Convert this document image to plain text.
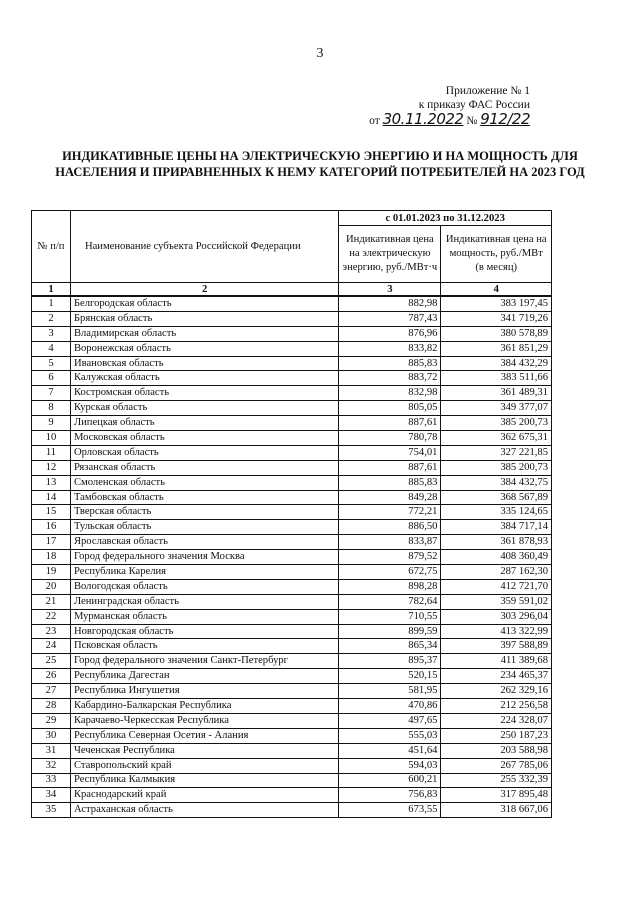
3
Приложение № 1
к приказу ФАС России
от 30.11.2022 № 912/22
ИНДИКАТИВНЫЕ ЦЕНЫ НА ЭЛЕКТРИЧЕСКУЮ ЭНЕРГИЮ И НА МОЩНОСТЬ ДЛЯ
НАСЕЛЕНИЯ И ПРИРАВНЕННЫХ К НЕМУ КАТЕГОРИЙ ПОТРЕБИТЕЛЕЙ НА 2023 ГОД
№ п/п	Наименование субъекта Российской Федерации	с 01.01.2023 по 31.12.2023	
		Индикативная цена на электрическую энергию, руб./МВт·ч	Индикативная цена на мощность, руб./МВт (в месяц)
1	2	3	4
1	Белгородская область	882,98	383 197,45
2	Брянская область	787,43	341 719,26
3	Владимирская область	876,96	380 578,89
4	Воронежская область	833,82	361 851,29
5	Ивановская область	885,83	384 432,29
6	Калужская область	883,72	383 511,66
7	Костромская область	832,98	361 489,31
8	Курская область	805,05	349 377,07
9	Липецкая область	887,61	385 200,73
10	Московская область	780,78	362 675,31
11	Орловская область	754,01	327 221,85
12	Рязанская область	887,61	385 200,73
13	Смоленская область	885,83	384 432,75
14	Тамбовская область	849,28	368 567,89
15	Тверская область	772,21	335 124,65
16	Тульская область	886,50	384 717,14
17	Ярославская область	833,87	361 878,93
18	Город федерального значения Москва	879,52	408 360,49
19	Республика Карелия	672,75	287 162,30
20	Вологодская область	898,28	412 721,70
21	Ленинградская область	782,64	359 591,02
22	Мурманская область	710,55	303 296,04
23	Новгородская область	899,59	413 322,99
24	Псковская область	865,34	397 588,89
25	Город федерального значения Санкт-Петербург	895,37	411 389,68
26	Республика Дагестан	520,15	234 465,37
27	Республика Ингушетия	581,95	262 329,16
28	Кабардино-Балкарская Республика	470,86	212 256,58
29	Карачаево-Черкесская Республика	497,65	224 328,07
30	Республика Северная Осетия - Алания	555,03	250 187,23
31	Чеченская Республика	451,64	203 588,98
32	Ставропольский край	594,03	267 785,06
33	Республика Калмыкия	600,21	255 332,39
34	Краснодарский край	756,83	317 895,48
35	Астраханская область	673,55	318 667,06
